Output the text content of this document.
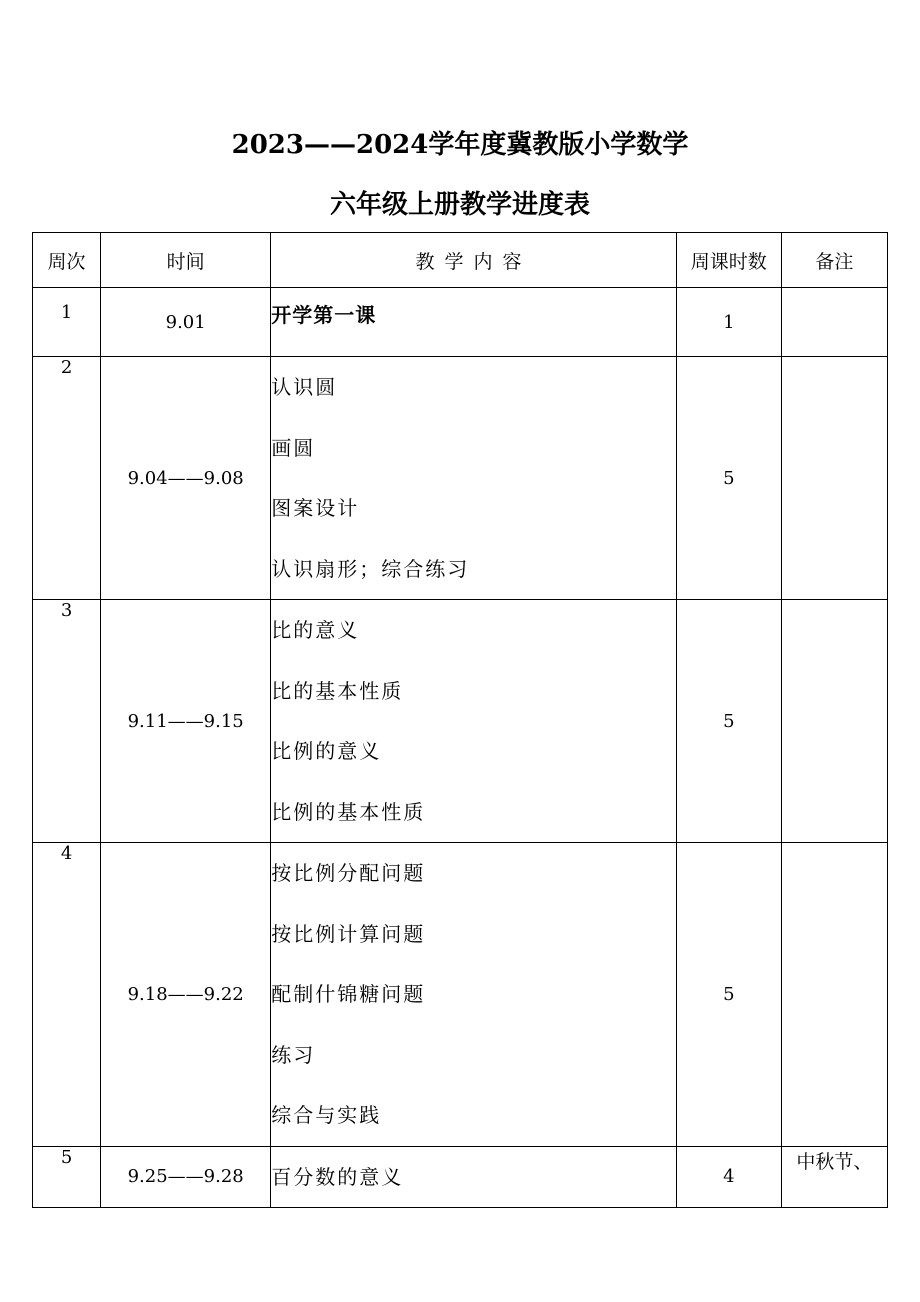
2023——2024学年度冀教版小学数学
六年级上册教学进度表
周次	时间	教学内容	周课时数	备注
1	9.01	开学第一课	1	
2	9.04——9.08	认识圆
画圆
图案设计
认识扇形；综合练习	5	
3	9.11——9.15	比的意义
比的基本性质
比例的意义
比例的基本性质	5	
4	9.18——9.22	按比例分配问题
按比例计算问题
配制什锦糖问题
练习
综合与实践	5	
5	9.25——9.28	百分数的意义	4	中秋节、
